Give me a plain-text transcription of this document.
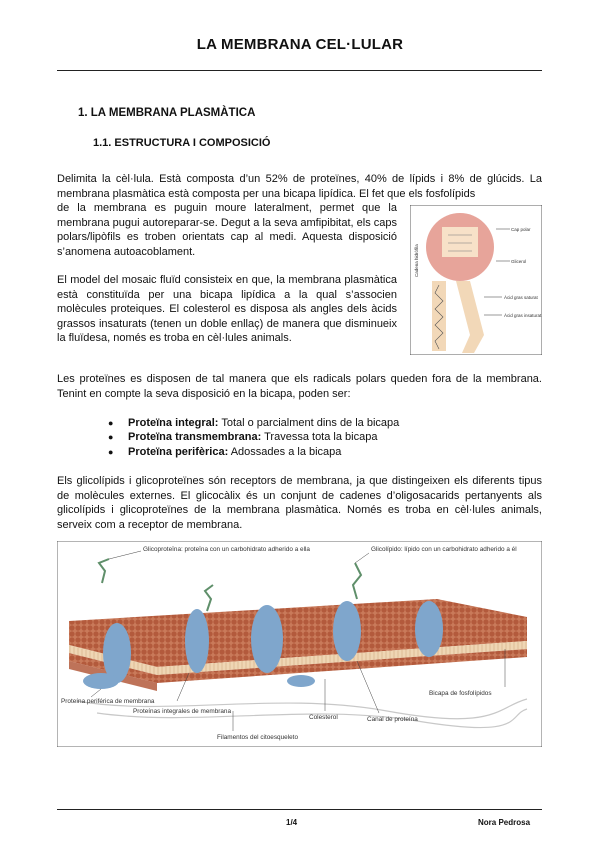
LA MEMBRANA CEL·LULAR
1. LA MEMBRANA PLASMÀTICA
1.1. ESTRUCTURA I COMPOSICIÓ

Delimita la cèl·lula. Està composta d’un 52% de proteïnes, 40% de lípids i 8% de glúcids. La membrana plasmàtica està composta per una bicapa lipídica. El fet que els fosfolípids

de la membrana es puguin moure lateralment, permet que la membrana pugui autoreparar-se. Degut a la seva amfipibitat, els caps polars/lipòfils es troben orientats cap al medi. Aquesta disposició s’anomena autoacoblament.

El model del mosaic fluïd consisteix en que, la membrana plasmàtica està constituïda per una bicapa lipídica a la qual s’associen molècules proteiques. El colesterol es disposa als angles dels àcids grassos insaturats (tenen un doble enllaç) de manera que disminueix la fluïdesa, només es troba en cèl·lules animals.

Cap polar
Glicerol
Àcid gras saturat
Àcid gras insaturat
Cadena hidròfila

Les proteïnes es disposen de tal manera que els radicals polars queden fora de la membrana. Tenint en compte la seva disposició en la bicapa, poden ser:

● Proteïna integral: Total o parcialment dins de la bicapa
● Proteïna transmembrana: Travessa tota la bicapa
● Proteïna perifèrica: Adossades a la bicapa

Els glicolípids i glicoproteïnes són receptors de membrana, ja que distingeixen els diferents tipus de molècules externes. El glicocàlix és un conjunt de cadenes d’oligosacarids pertanyents als glicolípids i glicoproteïnes de la membrana plasmàtica. Només es troba en cèl·lules animals, serveix com a receptor de membrana.

Glicoproteïna: proteïna con un carbohidrato adherido a ella	Glicolípido: lípido con un carbohidrato adherido a él
Proteína periférica de membrana
Proteínas integrales de membrana
Colesterol	Canal de proteína
Bicapa de fosfolípidos
Filamentos del citoesqueleto
1/4	Nora Pedrosa
